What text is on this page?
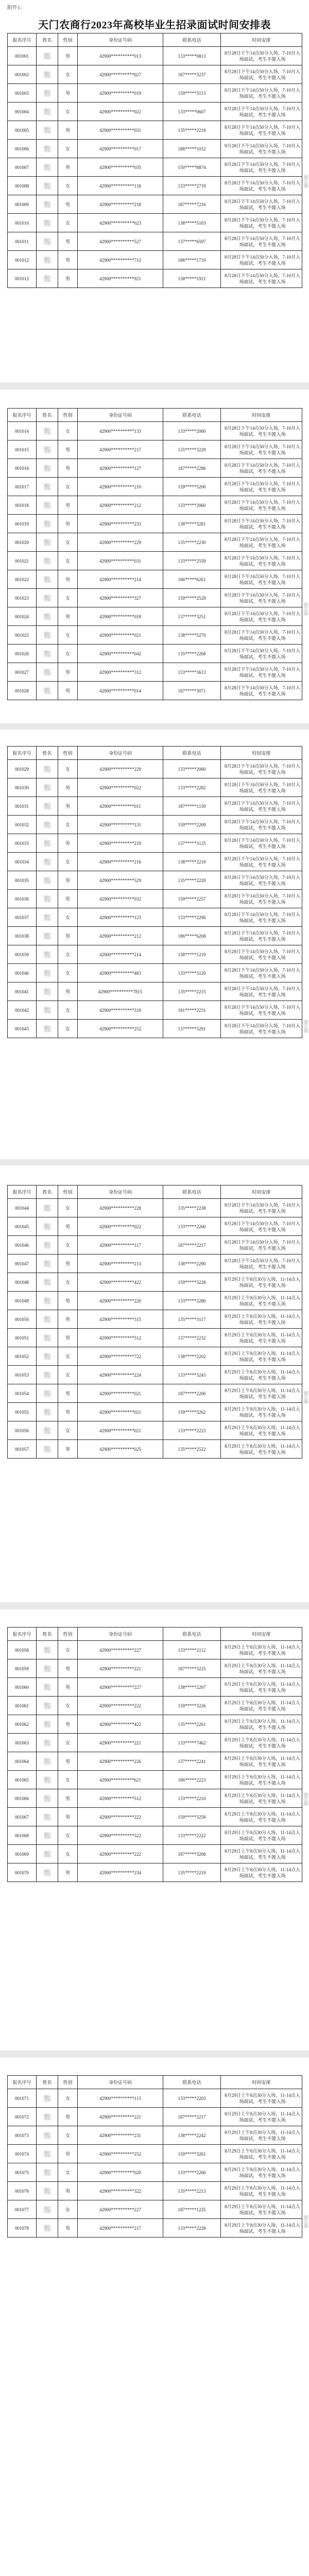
附件1：
天门农商行2023年高校毕业生招录面试时间安排表
报名序号	姓名	性别	身份证号码	联系电话	时间安排
001001		男	42900**********013	133*****0813	8月28日下午14点50分入场，7-10月入场面试，考生不能入场
001002		女	42900**********027	187*****3237	8月28日下午14点50分入场，7-10月入场面试，考生不能入场
001003		男	42900**********019	159*****3113	8月28日下午14点50分入场，7-10月入场面试，考生不能入场
001004		女	42900**********022	133*****0607	8月28日下午14点50分入场，7-10月入场面试，考生不能入场
001005		男	42900**********031	135*****2218	8月28日下午14点50分入场，7-10月入场面试，考生不能入场
001006		女	42900**********017	188*****1032	8月28日下午14点50分入场，7-10月入场面试，考生不能入场
001007		男	42900**********035	150*****8874	8月28日下午14点50分入场，7-10月入场面试，考生不能入场
001008		女	42900**********118	133*****2719	8月28日下午14点50分入场，7-10月入场面试，考生不能入场
001009		男	42900**********218	187*****7216	8月28日下午14点50分入场，7-10月入场面试，考生不能入场
001010		女	42900**********023	138*****5103	8月28日下午14点50分入场，7-10月入场面试，考生不能入场
001011		男	42900**********527	137*****6597	8月28日下午14点50分入场，7-10月入场面试，考生不能入场
001012		男	42900**********712	186*****1719	8月28日下午14点50分入场，7-10月入场面试，考生不能入场
001013		男	42900**********921	158*****1921	8月28日下午14点50分入场，7-10月入场面试，考生不能入场
报名序号	姓名	性别	身份证号码	联系电话	时间安排
001014		女	42900**********133	133*****2060	8月28日下午14点50分入场，7-10月入场面试，考生不能入场
001015		男	42900**********217	135*****3229	8月28日下午14点50分入场，7-10月入场面试，考生不能入场
001016		男	42900**********127	187*****2286	8月28日下午14点50分入场，7-10月入场面试，考生不能入场
001017		女	42900**********210	159*****5200	8月28日下午14点50分入场，7-10月入场面试，考生不能入场
001018		男	42900**********212	133*****2060	8月28日下午14点50分入场，7-10月入场面试，考生不能入场
001019		男	42900**********233	138*****3281	8月28日下午14点50分入场，7-10月入场面试，考生不能入场
001020		女	42900**********229	135*****2230	8月28日下午14点50分入场，7-10月入场面试，考生不能入场
001021		女	42900**********031	133*****2559	8月28日下午14点50分入场，7-10月入场面试，考生不能入场
001022		男	42900**********214	186*****6261	8月28日下午14点50分入场，7-10月入场面试，考生不能入场
001023		女	42900**********327	159*****2528	8月28日下午14点50分入场，7-10月入场面试，考生不能入场
001024		男	42900**********018	137*****3251	8月28日下午14点50分入场，7-10月入场面试，考生不能入场
001025		女	42900**********021	138*****5270	8月28日下午14点50分入场，7-10月入场面试，考生不能入场
001026		女	42900**********042	135*****2268	8月28日下午14点50分入场，7-10月入场面试，考生不能入场
001027		男	42900**********312	133*****3613	8月28日下午14点50分入场，7-10月入场面试，考生不能入场
001028		男	42900**********014	187*****3071	8月28日下午14点50分入场，7-10月入场面试，考生不能入场
报名序号	姓名	性别	身份证号码	联系电话	时间安排
001029		女	42900**********229	133*****2060	8月28日下午14点50分入场，7-10月入场面试，考生不能入场
001030		男	42900**********022	133*****2282	8月28日下午14点50分入场，7-10月入场面试，考生不能入场
001031		男	42900**********011	187*****1159	8月28日下午14点50分入场，7-10月入场面试，考生不能入场
001032		女	42900**********131	159*****2209	8月28日下午14点50分入场，7-10月入场面试，考生不能入场
001033		男	42900**********219	137*****3125	8月28日下午14点50分入场，7-10月入场面试，考生不能入场
001034		女	42900**********216	138*****2210	8月28日下午14点50分入场，7-10月入场面试，考生不能入场
001035		男	42900**********529	135*****2220	8月28日下午14点50分入场，7-10月入场面试，考生不能入场
001036		男	42900**********032	159*****2257	8月28日下午14点50分入场，7-10月入场面试，考生不能入场
001037		女	42900**********123	133*****2296	8月28日下午14点50分入场，7-10月入场面试，考生不能入场
001038		男	42900**********212	186*****6208	8月28日下午14点50分入场，7-10月入场面试，考生不能入场
001039		女	42900**********214	158*****1219	8月28日下午14点50分入场，7-10月入场面试，考生不能入场
001040		女	42900**********483	133*****3120	8月28日下午14点50分入场，7-10月入场面试，考生不能入场
001041		男	42900**********7815	135*****2215	8月28日下午14点50分入场，7-10月入场面试，考生不能入场
001042		女	42900**********319	181*****2231	8月28日下午14点50分入场，7-10月入场面试，考生不能入场
001043		女	42900**********252	137*****3291	8月28日下午14点50分入场，7-10月入场面试，考生不能入场
报名序号	姓名	性别	身份证号码	联系电话	时间安排
001044		女	42900**********228	135*****2238	8月28日下午14点50分入场，7-10月入场面试，考生不能入场
001045		男	42900**********022	133*****2260	8月28日下午14点50分入场，7-10月入场面试，考生不能入场
001046		女	42900**********117	187*****2217	8月28日下午14点50分入场，7-10月入场面试，考生不能入场
001047		男	42900**********213	138*****2290	8月28日下午14点50分入场，7-10月入场面试，考生不能入场
001048		女	42900**********422	159*****3228	8月29日上午8点30分入场，11-14点入场面试，考生不能入场
001049		男	42900**********220	133*****2280	8月29日上午8点30分入场，11-14点入场面试，考生不能入场
001050		男	42900**********315	135*****3117	8月29日上午8点30分入场，11-14点入场面试，考生不能入场
001051		男	42900**********512	137*****2232	8月29日上午8点30分入场，11-14点入场面试，考生不能入场
001052		女	42900**********722	138*****2202	8月29日上午8点30分入场，11-14点入场面试，考生不能入场
001053		女	42900**********224	133*****3243	8月29日上午8点30分入场，11-14点入场面试，考生不能入场
001054		男	42900**********021	187*****2206	8月29日上午8点30分入场，11-14点入场面试，考生不能入场
001055		男	42900**********021	159*****3262	8月29日上午8点30分入场，11-14点入场面试，考生不能入场
001056		女	42900**********021	133*****2223	8月29日上午8点30分入场，11-14点入场面试，考生不能入场
001057		男	42900**********025	135*****2522	8月29日上午8点30分入场，11-14点入场面试，考生不能入场
报名序号	姓名	性别	身份证号码	联系电话	时间安排
001058		女	42900**********227	133*****2112	8月29日上午8点30分入场，11-14点入场面试，考生不能入场
001059		男	42900**********221	187*****3225	8月29日上午8点30分入场，11-14点入场面试，考生不能入场
001060		男	42900**********227	138*****2207	8月29日上午8点30分入场，11-14点入场面试，考生不能入场
001061		女	42900**********222	159*****3226	8月29日上午8点30分入场，11-14点入场面试，考生不能入场
001062		男	42900**********422	135*****2261	8月29日上午8点30分入场，11-14点入场面试，考生不能入场
001063		女	42900**********221	133*****7462	8月29日上午8点30分入场，11-14点入场面试，考生不能入场
001064		男	42900**********226	137*****2241	8月29日上午8点30分入场，11-14点入场面试，考生不能入场
001065		女	42900**********621	186*****2223	8月29日上午8点30分入场，11-14点入场面试，考生不能入场
001066		男	42900**********512	133*****2210	8月29日上午8点30分入场，11-14点入场面试，考生不能入场
001067		男	42900**********222	159*****3258	8月29日上午8点30分入场，11-14点入场面试，考生不能入场
001068		女	42900**********522	133*****2222	8月29日上午8点30分入场，11-14点入场面试，考生不能入场
001069		女	42900**********222	187*****3208	8月29日上午8点30分入场，11-14点入场面试，考生不能入场
001070		男	42900**********234	135*****2219	8月29日上午8点30分入场，11-14点入场面试，考生不能入场
报名序号	姓名	性别	身份证号码	联系电话	时间安排
001071		女	42900**********113	133*****2203	8月29日上午8点30分入场，11-14点入场面试，考生不能入场
001072		男	42900**********221	187*****2217	8月29日上午8点30分入场，11-14点入场面试，考生不能入场
001073		女	42900**********231	138*****2242	8月29日上午8点30分入场，11-14点入场面试，考生不能入场
001074		男	42900**********252	159*****3261	8月29日上午8点30分入场，11-14点入场面试，考生不能入场
001075		女	42900**********020	133*****2260	8月29日上午8点30分入场，11-14点入场面试，考生不能入场
001076		男	42900**********322	135*****2213	8月29日上午8点30分入场，11-14点入场面试，考生不能入场
001077		女	42900**********227	187*****1225	8月29日上午8点30分入场，11-14点入场面试，考生不能入场
001078		男	42900**********217	133*****2228	8月29日上午8点30分入场，11-14点入场面试，考生不能入场
